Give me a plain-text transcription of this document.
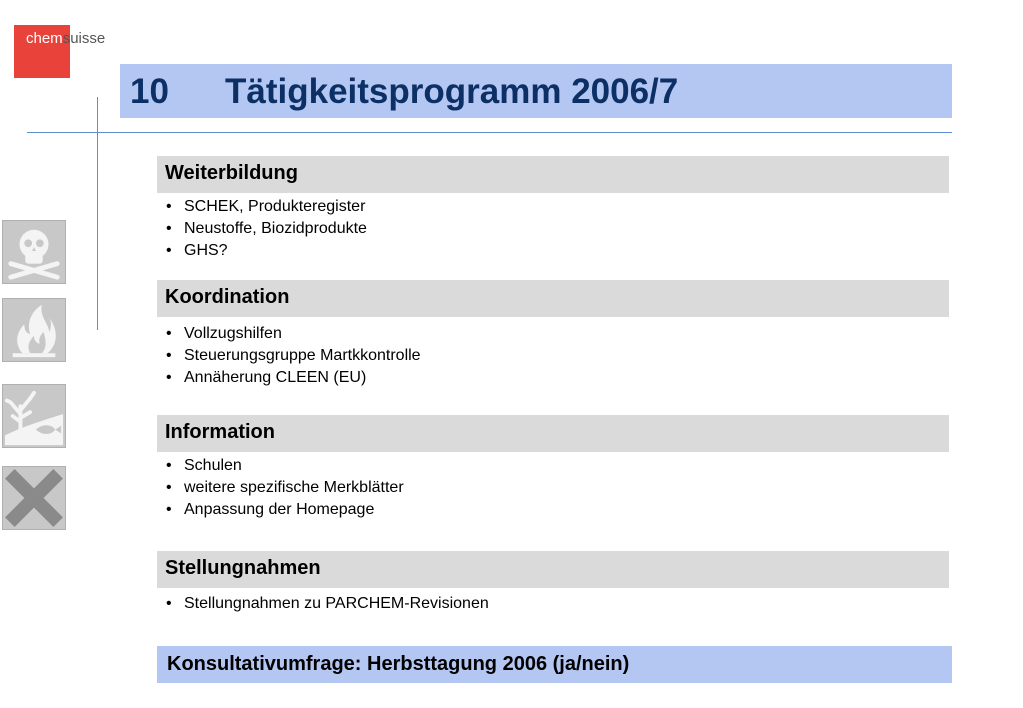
chemsuisse
10 Tätigkeitsprogramm 2006/7
Weiterbildung
• SCHEK, Produkteregister
• Neustoffe, Biozidprodukte
• GHS?
Koordination
• Vollzugshilfen
• Steuerungsgruppe Martkkontrolle
• Annäherung CLEEN (EU)
Information
• Schulen
• weitere spezifische Merkblätter
• Anpassung der Homepage
Stellungnahmen
• Stellungnahmen zu PARCHEM-Revisionen
Konsultativumfrage: Herbsttagung 2006 (ja/nein)
